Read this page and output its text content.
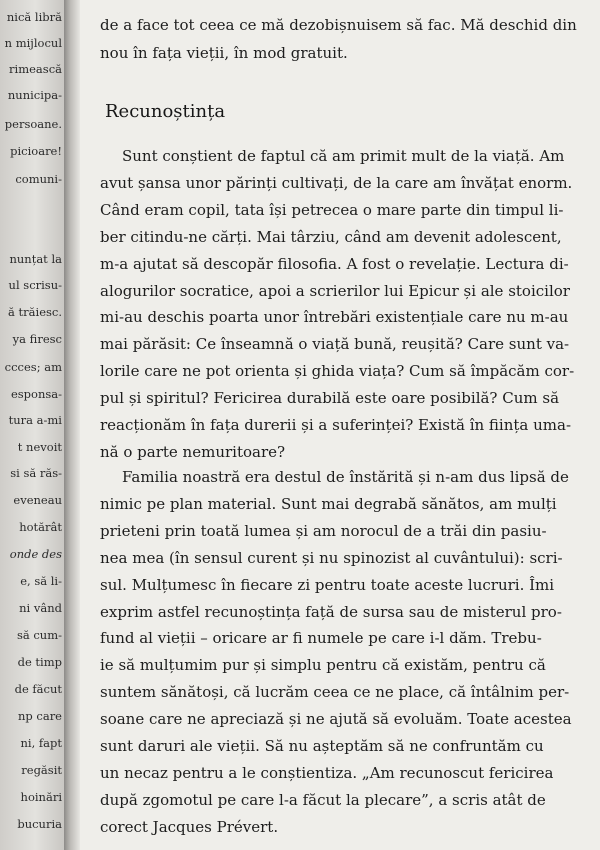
nică libră
n mijlocul
rimească
nunicipa-
persoane.
picioare!
comuni-
nunțat la
ul scrisu-
ă trăiesc.
ya firesc
ccces; am
esponsa-
tura a-mi
t nevoit
si să răs-
eveneau
hotărât
onde des
e, să li-
ni vând
să cum-
de timp
de făcut
np care
ni, fapt
regăsit
hoinări
bucuria
de a face tot ceea ce mă dezobișnuisem să fac. Mă deschid din
nou în fața vieții, în mod gratuit.
Recunoștința
Sunt conștient de faptul că am primit mult de la viață. Am
avut șansa unor părinți cultivați, de la care am învățat enorm.
Când eram copil, tata își petrecea o mare parte din timpul li-
ber citindu-ne cărți. Mai târziu, când am devenit adolescent,
m-a ajutat să descopăr filosofia. A fost o revelație. Lectura di-
alogurilor socratice, apoi a scrierilor lui Epicur și ale stoicilor
mi-au deschis poarta unor întrebări existențiale care nu m-au
mai părăsit: Ce înseamnă o viață bună, reușită? Care sunt va-
lorile care ne pot orienta și ghida viața? Cum să împăcăm cor-
pul și spiritul? Fericirea durabilă este oare posibilă? Cum să
reacționăm în fața durerii și a suferinței? Există în ființa uma-
nă o parte nemuritoare?
Familia noastră era destul de înstărită și n-am dus lipsă de
nimic pe plan material. Sunt mai degrabă sănătos, am mulți
prieteni prin toată lumea și am norocul de a trăi din pasiu-
nea mea (în sensul curent și nu spinozist al cuvântului): scri-
sul. Mulțumesc în fiecare zi pentru toate aceste lucruri. Îmi
exprim astfel recunoștința față de sursa sau de misterul pro-
fund al vieții – oricare ar fi numele pe care i-l dăm. Trebu-
ie să mulțumim pur și simplu pentru că existăm, pentru că
suntem sănătoși, că lucrăm ceea ce ne place, că întâlnim per-
soane care ne apreciază și ne ajută să evoluăm. Toate acestea
sunt daruri ale vieții. Să nu așteptăm să ne confruntăm cu
un necaz pentru a le conștientiza. „Am recunoscut fericirea
după zgomotul pe care l-a făcut la plecare”, a scris atât de
corect Jacques Prévert.
